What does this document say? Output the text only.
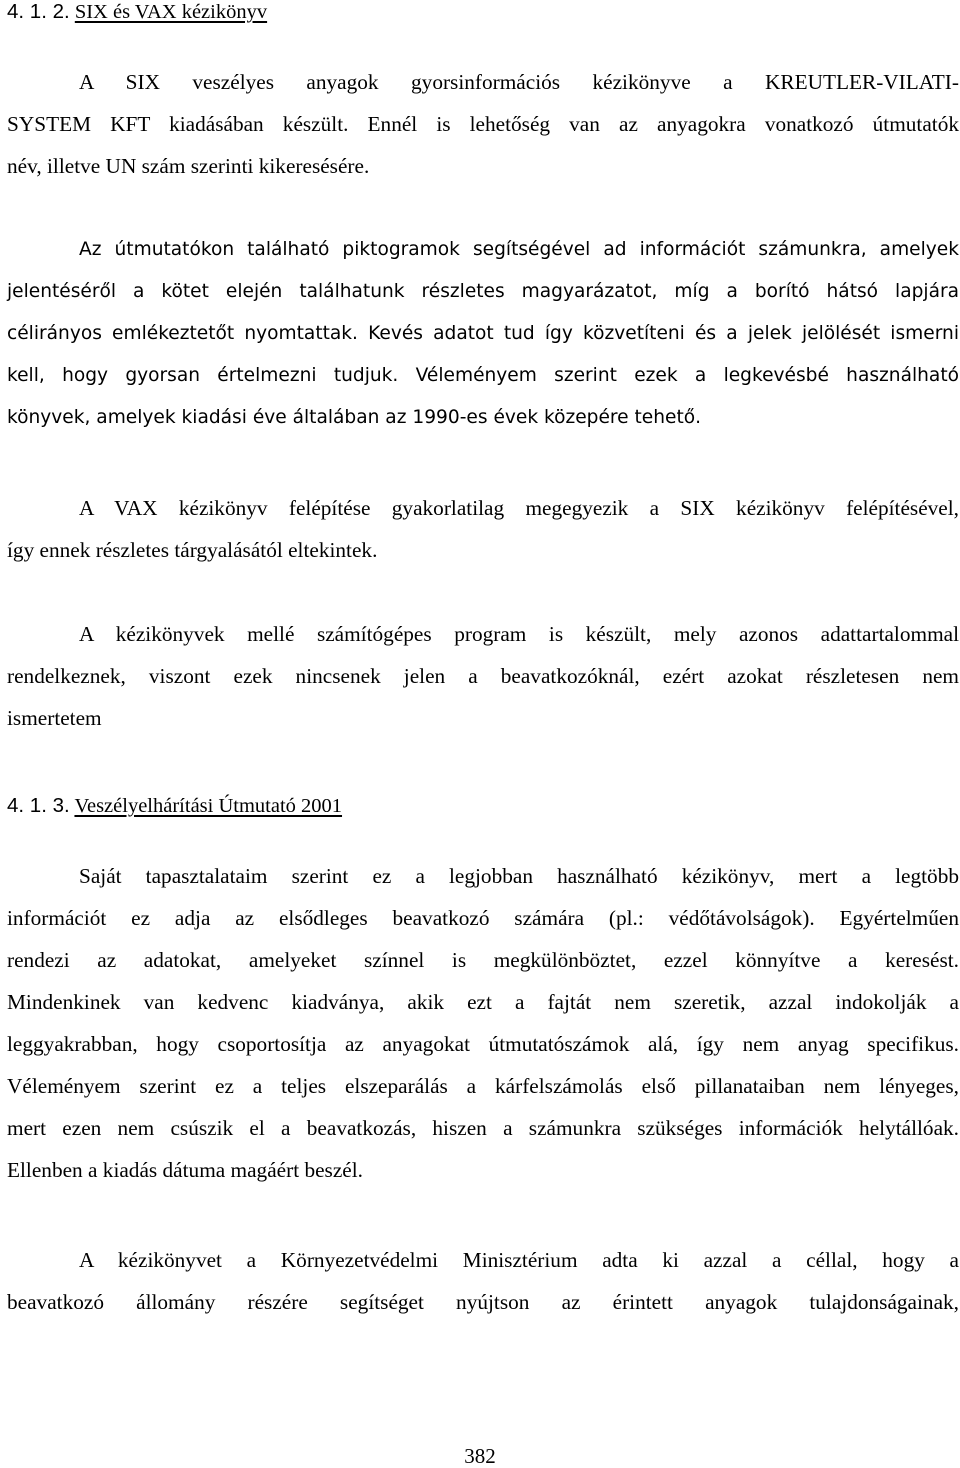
4. 1. 2. SIX és VAX kézikönyv
A SIX veszélyes anyagok gyorsinformációs kézikönyve a KREUTLER-VILATI-
SYSTEM KFT kiadásában készült. Ennél is lehetőség van az anyagokra vonatkozó útmutatók
név, illetve UN szám szerinti kikeresésére.
Az útmutatókon található piktogramok segítségével ad információt számunkra, amelyek
jelentéséről a kötet elején találhatunk részletes magyarázatot, míg a borító hátsó lapjára
célirányos emlékeztetőt nyomtattak. Kevés adatot tud így közvetíteni és a jelek jelölését ismerni
kell, hogy gyorsan értelmezni tudjuk. Véleményem szerint ezek a legkevésbé használható
könyvek, amelyek kiadási éve általában az 1990-es évek közepére tehető.
A VAX kézikönyv felépítése gyakorlatilag megegyezik a SIX kézikönyv felépítésével,
így ennek részletes tárgyalásától eltekintek.
A kézikönyvek mellé számítógépes program is készült, mely azonos adattartalommal
rendelkeznek, viszont ezek nincsenek jelen a beavatkozóknál, ezért azokat részletesen nem
ismertetem
4. 1. 3. Veszélyelhárítási Útmutató 2001
Saját tapasztalataim szerint ez a legjobban használható kézikönyv, mert a legtöbb
információt ez adja az elsődleges beavatkozó számára (pl.: védőtávolságok). Egyértelműen
rendezi az adatokat, amelyeket színnel is megkülönböztet, ezzel könnyítve a keresést.
Mindenkinek van kedvenc kiadványa, akik ezt a fajtát nem szeretik, azzal indokolják a
leggyakrabban, hogy csoportosítja az anyagokat útmutatószámok alá, így nem anyag specifikus.
Véleményem szerint ez a teljes elszeparálás a kárfelszámolás első pillanataiban nem lényeges,
mert ezen nem csúszik el a beavatkozás, hiszen a számunkra szükséges információk helytállóak.
Ellenben a kiadás dátuma magáért beszél.
A kézikönyvet a Környezetvédelmi Minisztérium adta ki azzal a céllal, hogy a
beavatkozó állomány részére segítséget nyújtson az érintett anyagok tulajdonságainak,
382
